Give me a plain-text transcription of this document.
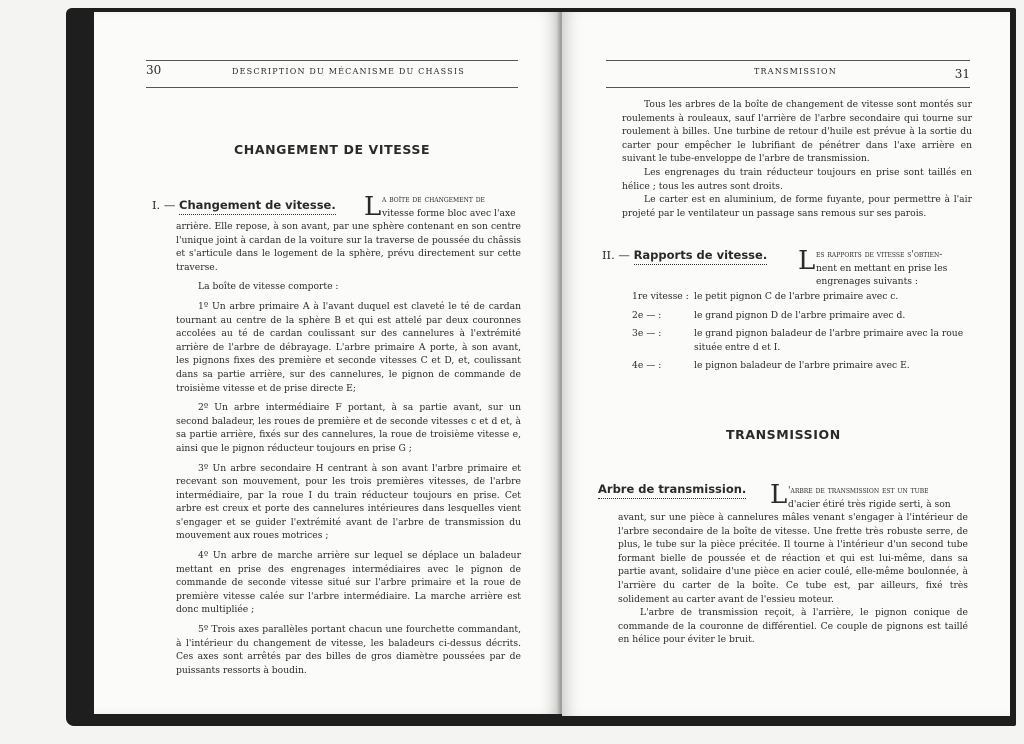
30	DESCRIPTION DU MÉCANISME DU CHASSIS
CHANGEMENT DE VITESSE
I. — Changement de vitesse. L a boîte de changement de
vitesse forme bloc avec l'axe

arrière. Elle repose, à son avant, par une sphère contenant en son centre l'unique joint à cardan de la voiture sur la traverse de poussée du châssis et s'articule dans le logement de la sphère, prévu directement sur cette traverse.

La boîte de vitesse comporte :

1º Un arbre primaire A à l'avant duquel est claveté le té de cardan tournant au centre de la sphère B et qui est attelé par deux couronnes accolées au té de cardan coulissant sur des cannelures à l'extrémité arrière de l'arbre de débrayage. L'arbre primaire A porte, à son avant, les pignons fixes des première et seconde vitesses C et D, et, coulissant dans sa partie arrière, sur des cannelures, le pignon de commande de troisième vitesse et de prise directe E;

2º Un arbre intermédiaire F portant, à sa partie avant, sur un second baladeur, les roues de première et de seconde vitesses c et d et, à sa partie arrière, fixés sur des cannelures, la roue de troisième vitesse e, ainsi que le pignon réducteur toujours en prise G ;

3º Un arbre secondaire H centrant à son avant l'arbre primaire et recevant son mouvement, pour les trois premières vitesses, de l'arbre intermédiaire, par la roue I du train réducteur toujours en prise. Cet arbre est creux et porte des cannelures intérieures dans lesquelles vient s'engager et se guider l'extrémité avant de l'arbre de transmission du mouvement aux roues motrices ;

4º Un arbre de marche arrière sur lequel se déplace un baladeur mettant en prise des engrenages intermédiaires avec le pignon de commande de seconde vitesse situé sur l'arbre primaire et la roue de première vitesse calée sur l'arbre intermédiaire. La marche arrière est donc multipliée ;

5º Trois axes parallèles portant chacun une fourchette commandant, à l'intérieur du changement de vitesse, les baladeurs ci-dessus décrits. Ces axes sont arrêtés par des billes de gros diamètre poussées par de puissants ressorts à boudin.

TRANSMISSION	31

Tous les arbres de la boîte de changement de vitesse sont montés sur roulements à rouleaux, sauf l'arrière de l'arbre secondaire qui tourne sur roulement à billes. Une turbine de retour d'huile est prévue à la sortie du carter pour empêcher le lubrifiant de pénétrer dans l'axe arrière en suivant le tube-enveloppe de l'arbre de transmission.

Les engrenages du train réducteur toujours en prise sont taillés en hélice ; tous les autres sont droits.

Le carter est en aluminium, de forme fuyante, pour permettre à l'air projeté par le ventilateur un passage sans remous sur ses parois.

II. — Rapports de vitesse. L es rapports de vitesse s'obtien-
nent en mettant en prise les
engrenages suivants :
1re vitesse : le petit pignon C de l'arbre primaire avec c.
2e — :	le grand pignon D de l'arbre primaire avec d.
3e — :	le grand pignon baladeur de l'arbre primaire avec la roue située entre d et I.
4e — :	le pignon baladeur de l'arbre primaire avec E.
TRANSMISSION
Arbre de transmission. L 'arbre de transmission est un tube
d'acier étiré très rigide serti, à son

avant, sur une pièce à cannelures mâles venant s'engager à l'intérieur de l'arbre secondaire de la boîte de vitesse. Une frette très robuste serre, de plus, le tube sur la pièce précitée. Il tourne à l'intérieur d'un second tube formant bielle de poussée et de réaction et qui est lui-même, dans sa partie avant, solidaire d'une pièce en acier coulé, elle-même boulonnée, à l'arrière du carter de la boîte. Ce tube est, par ailleurs, fixé très solidement au carter avant de l'essieu moteur.

L'arbre de transmission reçoit, à l'arrière, le pignon conique de commande de la couronne de différentiel. Ce couple de pignons est taillé en hélice pour éviter le bruit.
